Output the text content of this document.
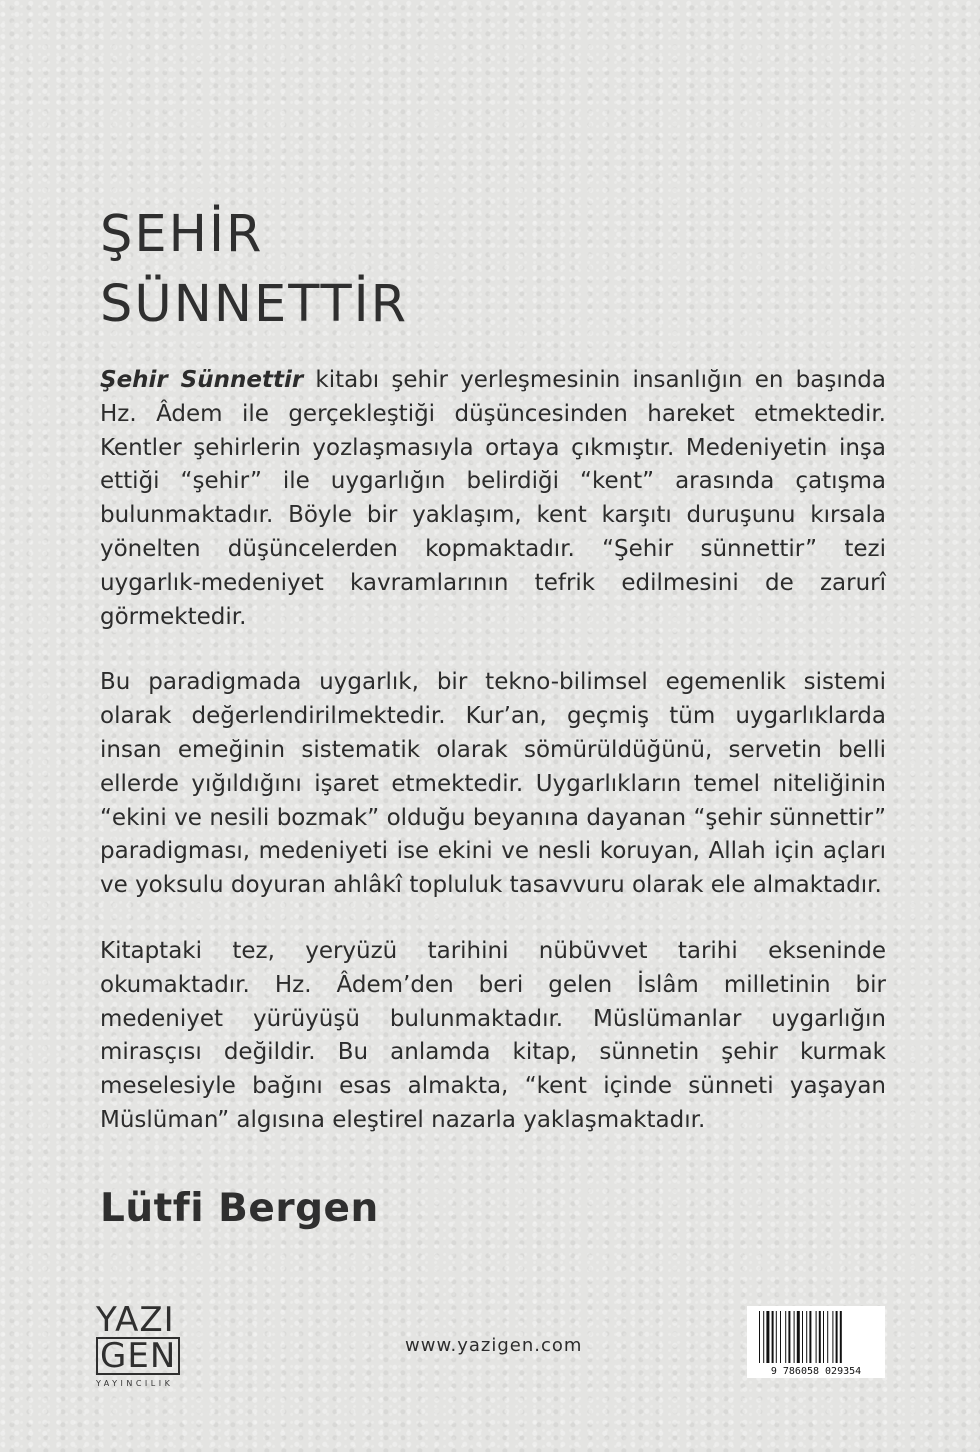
ŞEHİR
SÜNNETTİR

Şehir Sünnettir kitabı şehir yerleşmesinin insanlığın en başında Hz. Âdem ile gerçekleştiği düşüncesinden hareket etmektedir. Kentler şehirlerin yozlaşmasıyla ortaya çıkmıştır. Medeniyetin inşa ettiği “şehir” ile uygarlığın belirdiği “kent” arasında çatışma bulunmaktadır. Böyle bir yaklaşım, kent karşıtı duruşunu kırsala yönelten düşüncelerden kopmaktadır. “Şehir sünnettir” tezi uygarlık-medeniyet kavramlarının tefrik edilmesini de zarurî görmektedir.

Bu paradigmada uygarlık, bir tekno-bilimsel egemenlik sistemi olarak değerlendirilmektedir. Kur’an, geçmiş tüm uygarlıklarda insan emeğinin sistematik olarak sömürüldüğünü, servetin belli ellerde yığıldığını işaret etmektedir. Uygarlıkların temel niteliğinin “ekini ve nesili bozmak” olduğu beyanına dayanan “şehir sünnettir” paradigması, medeniyeti ise ekini ve nesli koruyan, Allah için açları ve yoksulu doyuran ahlâkî topluluk tasavvuru olarak ele almaktadır.

Kitaptaki tez, yeryüzü tarihini nübüvvet tarihi ekseninde okumaktadır. Hz. Âdem’den beri gelen İslâm milletinin bir medeniyet yürüyüşü bulunmaktadır. Müslümanlar uygarlığın mirasçısı değildir. Bu anlamda kitap, sünnetin şehir kurmak meselesiyle bağını esas almakta, “kent içinde sünneti yaşayan Müslüman” algısına eleştirel nazarla yaklaşmaktadır.

Lütfi Bergen
YAZI
GEN
YAYINCILIK
www.yazigen.com
9 786058 029354
